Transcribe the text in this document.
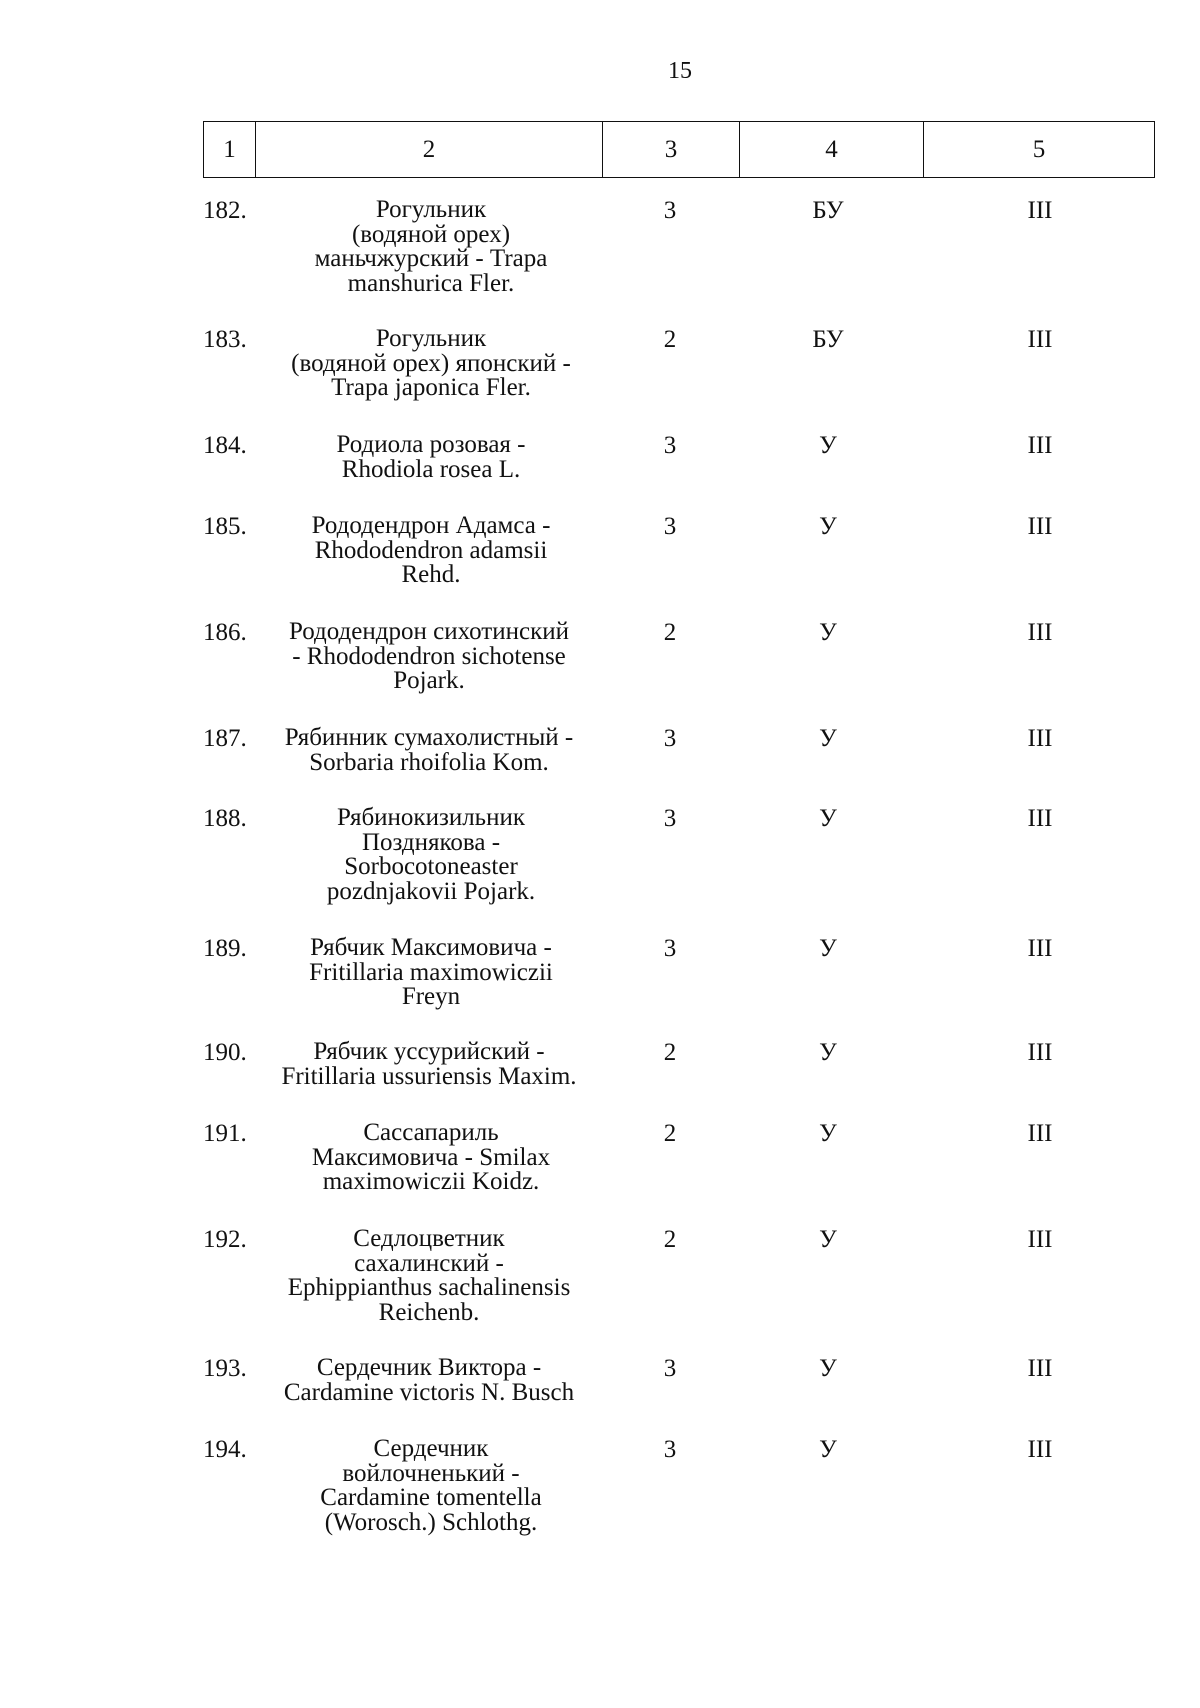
15
1	2	3	4	5
182.	Рогульник
(водяной орех)
маньчжурский - Trapa
manshurica Fler.
3	БУ	III
183.	Рогульник
(водяной орех) японский -
Trapa japonica Fler.
2	БУ	III
184.	Родиола розовая -
Rhodiola rosea L.
3	У	III
185.	Рододендрон Адамса -
Rhododendron adamsii
Rehd.
3	У	III
186.	Рододендрон сихотинский
- Rhododendron sichotense
Pojark.
2	У	III
187.	Рябинник сумахолистный -
Sorbaria rhoifolia Kom.
3	У	III
188.	Рябинокизильник
Позднякова -
Sorbocotoneaster
pozdnjakovii Pojark.
3	У	III
189.	Рябчик Максимовича -
Fritillaria maximowiczii
Freyn
3	У	III
190.	Рябчик уссурийский -
Fritillaria ussuriensis Maxim.
2	У	III
191.	Сассапариль
Максимовича - Smilax
maximowiczii Koidz.
2	У	III
192.	Седлоцветник
сахалинский -
Ephippianthus sachalinensis
Reichenb.
2	У	III
193.	Сердечник Виктора -
Cardamine victoris N. Busch
3	У	III
194.	Сердечник
войлочненький -
Cardamine tomentella
(Worosch.) Schlothg.
3	У	III
